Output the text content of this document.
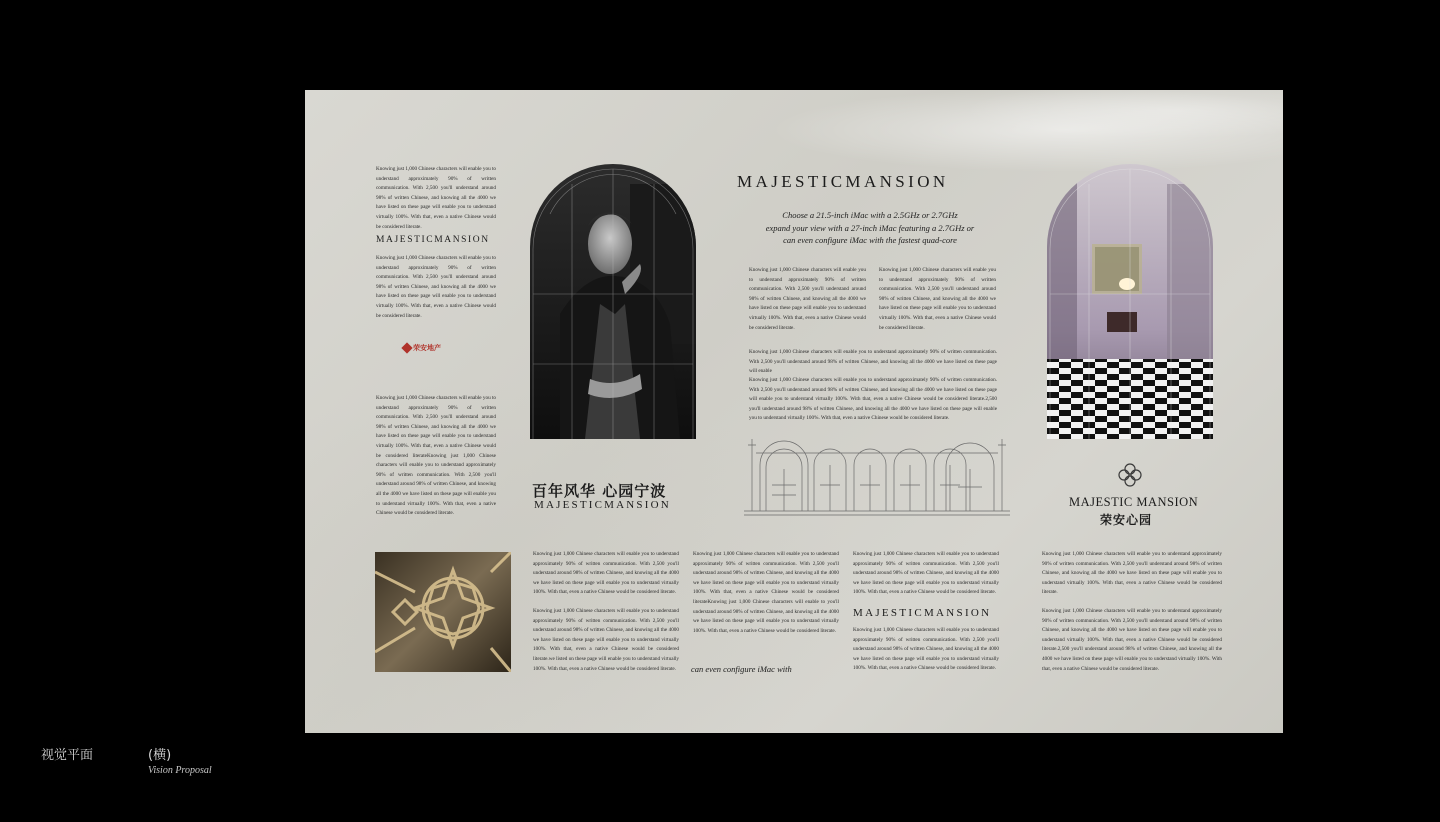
Knowing just 1,000 Chinese characters will enable you to understand approximately 90% of written communication. With 2,500 you'll understand around 98% of written Chinese, and knowing all the 4000 we have listed on these page will enable you to understand virtually 100%. With that, even a native Chinese would be considered literate.

MAJESTICMANSION

Knowing just 1,000 Chinese characters will enable you to understand approximately 90% of written communication. With 2,500 you'll understand around 98% of written Chinese, and knowing all the 4000 we have listed on these page will enable you to understand virtually 100%. With that, even a native Chinese would be considered literate.

荣安地产

Knowing just 1,000 Chinese characters will enable you to understand approximately 90% of written communication. With 2,500 you'll understand around 98% of written Chinese, and knowing all the 4000 we have listed on these page will enable you to understand virtually 100%. With that, even a native Chinese would be considered literateKnowing just 1,000 Chinese characters will enable you to understand approximately 90% of written communication. With 2,500 you'll understand around 98% of written Chinese, and knowing all the 4000 we have listed on these page will enable you to understand virtually 100%. With that, even a native Chinese would be considered literate.

百年风华 心园宁波
MAJESTICMANSION
MAJESTICMANSION
Choose a 21.5-inch iMac with a 2.5GHz or 2.7GHz
expand your view with a 27-inch iMac featuring a 2.7GHz or
can even configure iMac with the fastest quad-core

Knowing just 1,000 Chinese characters will enable you to understand approximately 90% of written communication. With 2,500 you'll understand around 98% of written Chinese, and knowing all the 4000 we have listed on these page will enable you to understand virtually 100%. With that, even a native Chinese would be considered literate.

Knowing just 1,000 Chinese characters will enable you to understand approximately 90% of written communication. With 2,500 you'll understand around 98% of written Chinese, and knowing all the 4000 we have listed on these page will enable you to understand virtually 100%. With that, even a native Chinese would be considered literate.

Knowing just 1,000 Chinese characters will enable you to understand approximately 90% of written communication. With 2,500 you'll understand around 98% of written Chinese, and knowing all the 4000 we have listed on these page will enable

Knowing just 1,000 Chinese characters will enable you to understand approximately 90% of written communication. With 2,500 you'll understand around 98% of written Chinese, and knowing all the 4000 we have listed on these page will enable you to understand virtually 100%. With that, even a native Chinese would be considered literate.2,500 you'll understand around 98% of written Chinese, and knowing all the 4000 we have listed on these page will enable you to understand virtually 100%. With that, even a native Chinese would be considered literate.

MAJESTIC MANSION
荣安心园

Knowing just 1,000 Chinese characters will enable you to understand approximately 90% of written communication. With 2,500 you'll understand around 98% of written Chinese, and knowing all the 4000 we have listed on these page will enable you to understand virtually 100%. With that, even a native Chinese would be considered literate.

Knowing just 1,000 Chinese characters will enable you to understand approximately 90% of written communication. With 2,500 you'll understand around 98% of written Chinese, and knowing all the 4000 we have listed on these page will enable you to understand virtually 100%. With that, even a native Chinese would be considered literate.we listed on these page will enable you to understand virtually 100%. With that, even a native Chinese would be considered literate.

Knowing just 1,000 Chinese characters will enable you to understand approximately 90% of written communication. With 2,500 you'll understand around 98% of written Chinese, and knowing all the 4000 we have listed on these page will enable you to understand virtually 100%. With that, even a native Chinese would be considered literateKnowing just 1,000 Chinese characters will enable to you'll understand around 98% of written Chinese, and knowing all the 4000 we have listed on these page will enable you to understand virtually 100%. With that, even a native Chinese would be considered literate.

can even configure iMac with

Knowing just 1,000 Chinese characters will enable you to understand approximately 90% of written communication. With 2,500 you'll understand around 98% of written Chinese, and knowing all the 4000 we have listed on these page will enable you to understand virtually 100%. With that, even a native Chinese would be considered literate.

MAJESTICMANSION

Knowing just 1,000 Chinese characters will enable you to understand approximately 90% of written communication. With 2,500 you'll understand around 98% of written Chinese, and knowing all the 4000 we have listed on these page will enable you to understand virtually 100%. With that, even a native Chinese would be considered literate.

Knowing just 1,000 Chinese characters will enable you to understand approximately 90% of written communication. With 2,500 you'll understand around 98% of written Chinese, and knowing all the 4000 we have listed on these page will enable you to understand virtually 100%. With that, even a native Chinese would be considered literate.

Knowing just 1,000 Chinese characters will enable you to understand approximately 90% of written communication. With 2,500 you'll understand around 98% of written Chinese, and knowing all the 4000 we have listed on these page will enable you to understand virtually 100%. With that, even a native Chinese would be considered literate.2,500 you'll understand around 98% of written Chinese, and knowing all the 4000 we have listed on these page will enable you to understand virtually 100%. With that, even a native Chinese would be considered literate.

视觉平面	(横)
Vision Proposal
